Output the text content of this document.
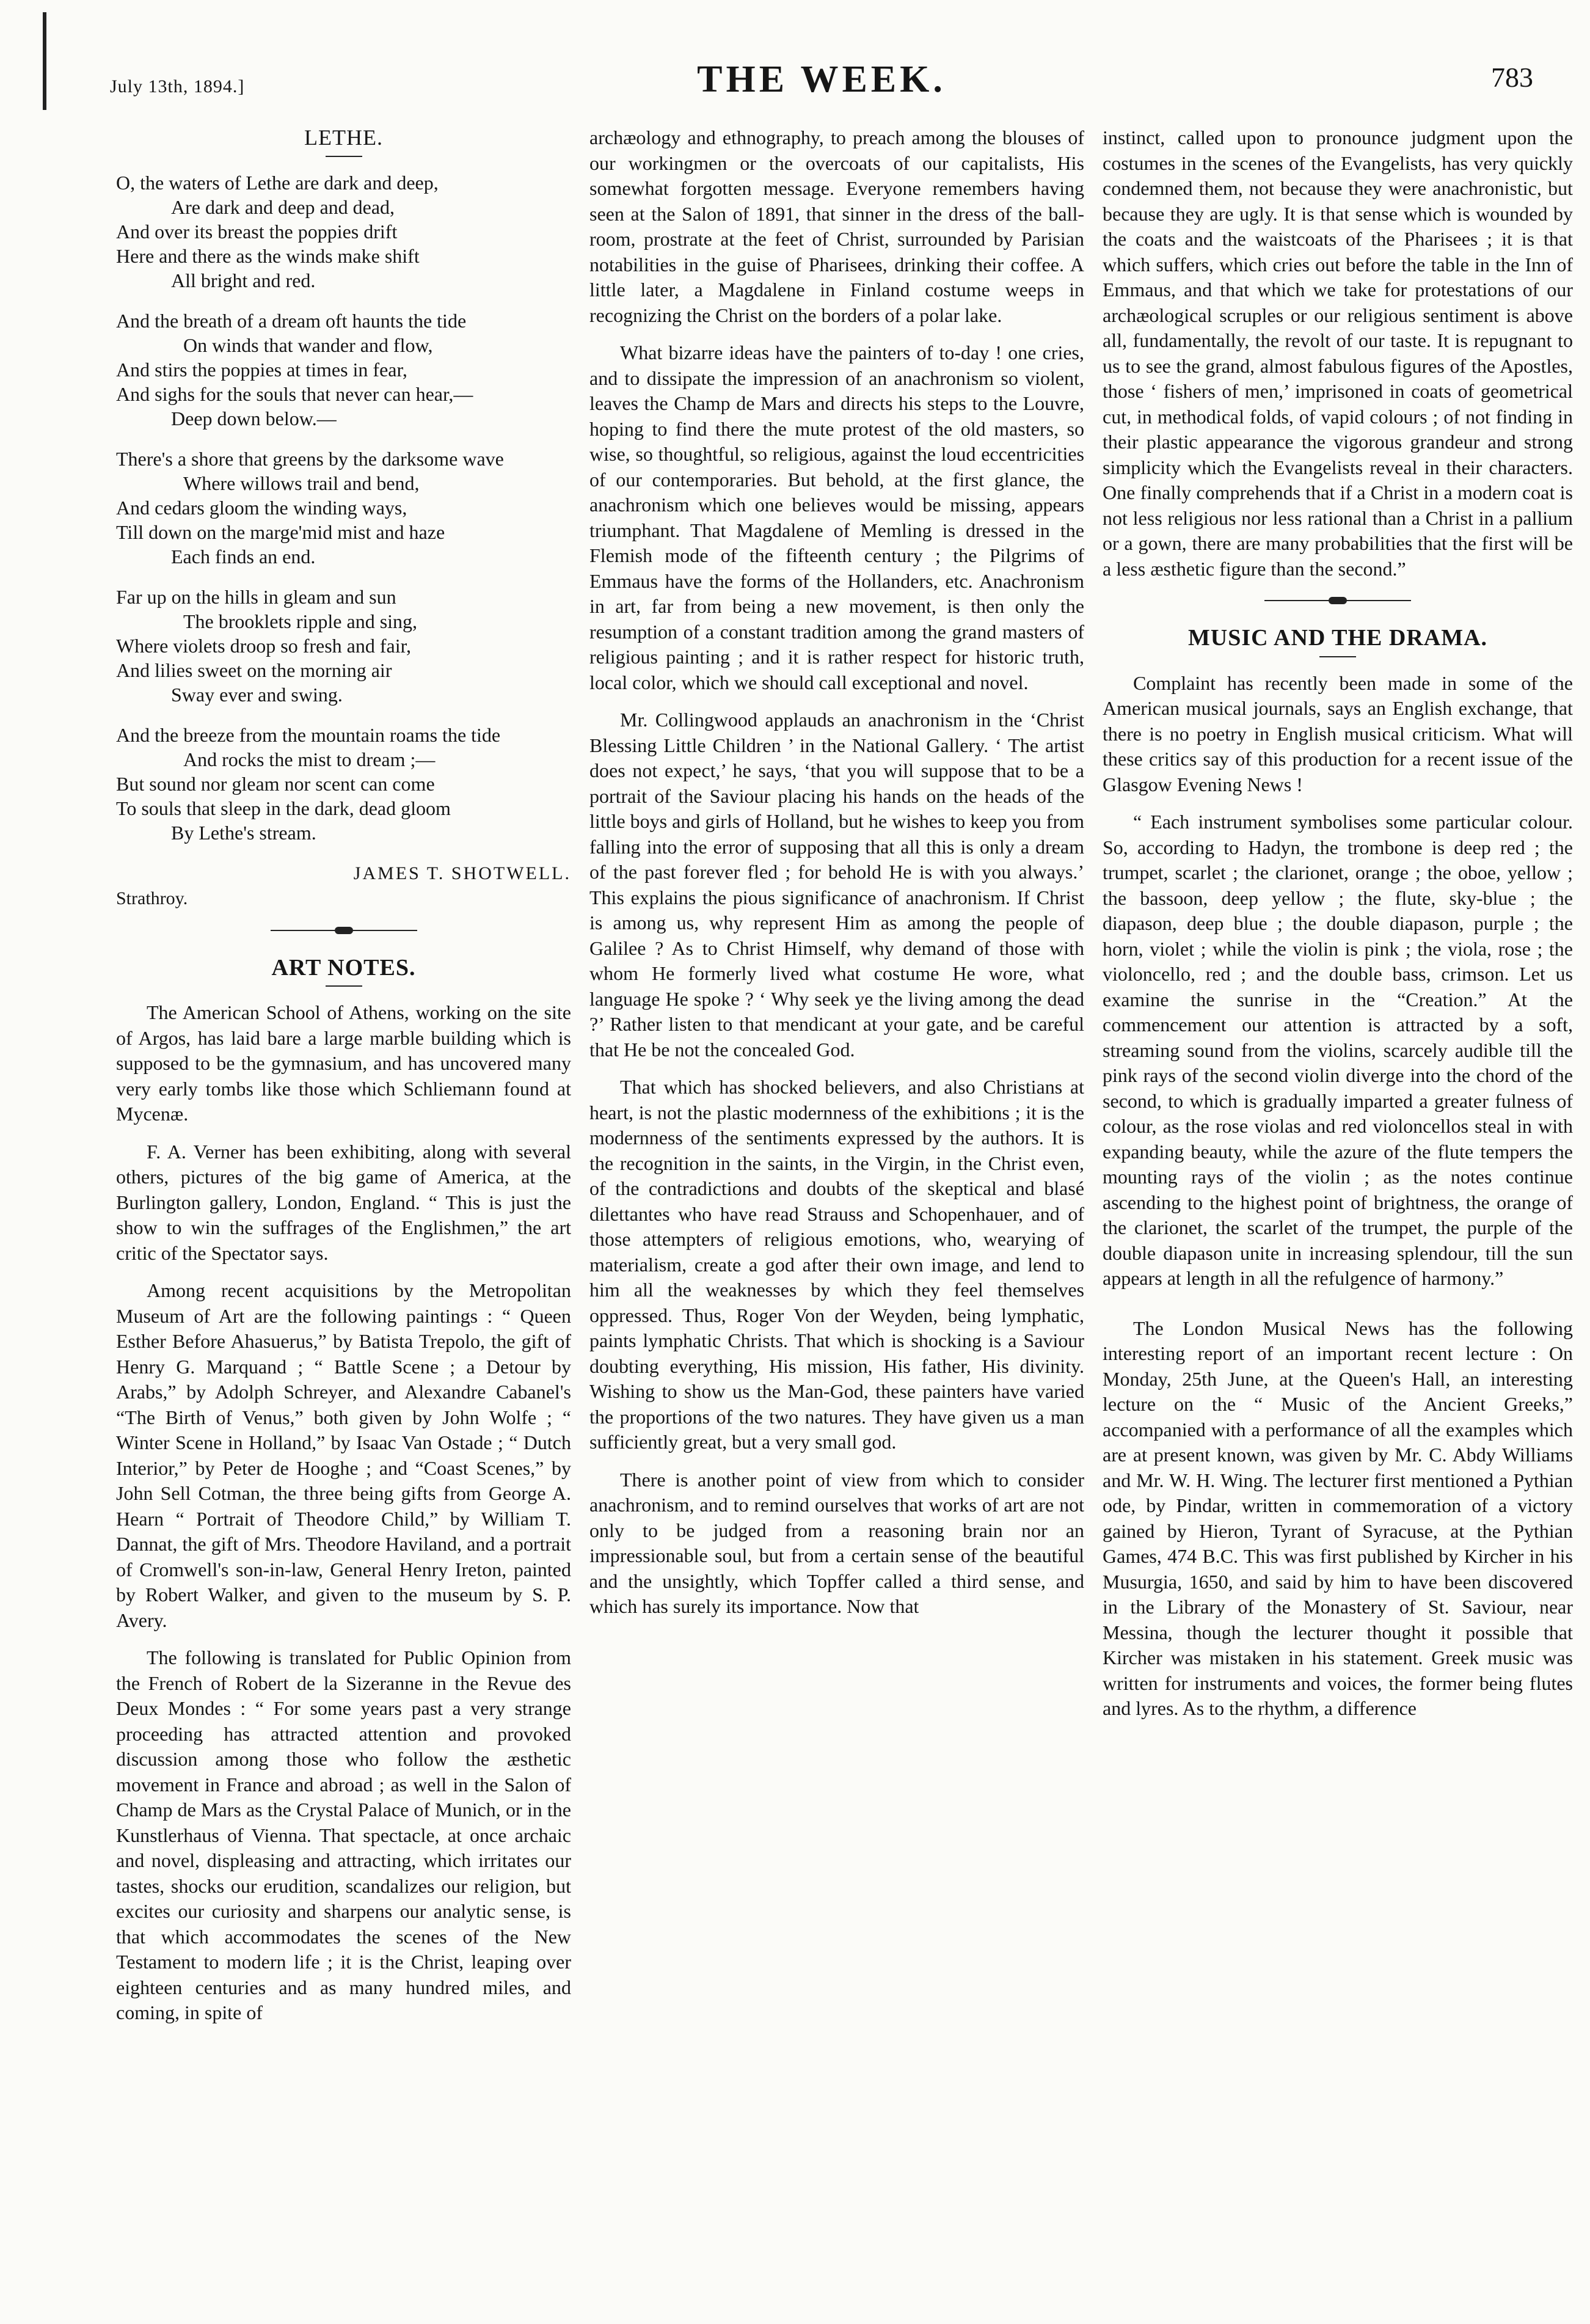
July 13th, 1894.]	THE WEEK.	783
LETHE.
O, the waters of Lethe are dark and deep,
Are dark and deep and dead,
And over its breast the poppies drift
Here and there as the winds make shift
All bright and red.
And the breath of a dream oft haunts the tide
On winds that wander and flow,
And stirs the poppies at times in fear,
And sighs for the souls that never can hear,—
Deep down below.—
There's a shore that greens by the darksome wave
Where willows trail and bend,
And cedars gloom the winding ways,
Till down on the marge'mid mist and haze
Each finds an end.
Far up on the hills in gleam and sun
The brooklets ripple and sing,
Where violets droop so fresh and fair,
And lilies sweet on the morning air
Sway ever and swing.
And the breeze from the mountain roams the tide
And rocks the mist to dream ;—
But sound nor gleam nor scent can come
To souls that sleep in the dark, dead gloom
By Lethe's stream.
JAMES T. SHOTWELL.
Strathroy.
ART NOTES.

The American School of Athens, working on the site of Argos, has laid bare a large marble building which is supposed to be the gymnasium, and has uncovered many very early tombs like those which Schliemann found at Mycenæ.

F. A. Verner has been exhibiting, along with several others, pictures of the big game of America, at the Burlington gallery, London, England. “ This is just the show to win the suffrages of the Englishmen,” the art critic of the Spectator says.

Among recent acquisitions by the Metropolitan Museum of Art are the following paintings : “ Queen Esther Before Ahasuerus,” by Batista Trepolo, the gift of Henry G. Marquand ; “ Battle Scene ; a Detour by Arabs,” by Adolph Schreyer, and Alexandre Cabanel's “The Birth of Venus,” both given by John Wolfe ; “ Winter Scene in Holland,” by Isaac Van Ostade ; “ Dutch Interior,” by Peter de Hooghe ; and “Coast Scenes,” by John Sell Cotman, the three being gifts from George A. Hearn “ Portrait of Theodore Child,” by William T. Dannat, the gift of Mrs. Theodore Haviland, and a portrait of Cromwell's son-in-law, General Henry Ireton, painted by Robert Walker, and given to the museum by S. P. Avery.

The following is translated for Public Opinion from the French of Robert de la Sizeranne in the Revue des Deux Mondes : “ For some years past a very strange proceeding has attracted attention and provoked discussion among those who follow the æsthetic movement in France and abroad ; as well in the Salon of Champ de Mars as the Crystal Palace of Munich, or in the Kunstlerhaus of Vienna. That spectacle, at once archaic and novel, displeasing and attracting, which irritates our tastes, shocks our erudition, scandalizes our religion, but excites our curiosity and sharpens our analytic sense, is that which accommodates the scenes of the New Testament to modern life ; it is the Christ, leaping over eighteen centuries and as many hundred miles, and coming, in spite of

archæology and ethnography, to preach among the blouses of our workingmen or the overcoats of our capitalists, His somewhat forgotten message. Everyone remembers having seen at the Salon of 1891, that sinner in the dress of the ball-room, prostrate at the feet of Christ, surrounded by Parisian notabilities in the guise of Pharisees, drinking their coffee. A little later, a Magdalene in Finland costume weeps in recognizing the Christ on the borders of a polar lake.

What bizarre ideas have the painters of to-day ! one cries, and to dissipate the impression of an anachronism so violent, leaves the Champ de Mars and directs his steps to the Louvre, hoping to find there the mute protest of the old masters, so wise, so thoughtful, so religious, against the loud eccentricities of our contemporaries. But behold, at the first glance, the anachronism which one believes would be missing, appears triumphant. That Magdalene of Memling is dressed in the Flemish mode of the fifteenth century ; the Pilgrims of Emmaus have the forms of the Hollanders, etc. Anachronism in art, far from being a new movement, is then only the resumption of a constant tradition among the grand masters of religious painting ; and it is rather respect for historic truth, local color, which we should call exceptional and novel.

Mr. Collingwood applauds an anachronism in the ‘Christ Blessing Little Children ’ in the National Gallery. ‘ The artist does not expect,’ he says, ‘that you will suppose that to be a portrait of the Saviour placing his hands on the heads of the little boys and girls of Holland, but he wishes to keep you from falling into the error of supposing that all this is only a dream of the past forever fled ; for behold He is with you always.’ This explains the pious significance of anachronism. If Christ is among us, why represent Him as among the people of Galilee ? As to Christ Himself, why demand of those with whom He formerly lived what costume He wore, what language He spoke ? ‘ Why seek ye the living among the dead ?’ Rather listen to that mendicant at your gate, and be careful that He be not the concealed God.

That which has shocked believers, and also Christians at heart, is not the plastic modernness of the exhibitions ; it is the modernness of the sentiments expressed by the authors. It is the recognition in the saints, in the Virgin, in the Christ even, of the contradictions and doubts of the skeptical and blasé dilettantes who have read Strauss and Schopenhauer, and of those attempters of religious emotions, who, wearying of materialism, create a god after their own image, and lend to him all the weaknesses by which they feel themselves oppressed. Thus, Roger Von der Weyden, being lymphatic, paints lymphatic Christs. That which is shocking is a Saviour doubting everything, His mission, His father, His divinity. Wishing to show us the Man-God, these painters have varied the proportions of the two natures. They have given us a man sufficiently great, but a very small god.

There is another point of view from which to consider anachronism, and to remind ourselves that works of art are not only to be judged from a reasoning brain nor an impressionable soul, but from a certain sense of the beautiful and the unsightly, which Topffer called a third sense, and which has surely its importance. Now that

instinct, called upon to pronounce judgment upon the costumes in the scenes of the Evangelists, has very quickly condemned them, not because they were anachronistic, but because they are ugly. It is that sense which is wounded by the coats and the waistcoats of the Pharisees ; it is that which suffers, which cries out before the table in the Inn of Emmaus, and that which we take for protestations of our archæological scruples or our religious sentiment is above all, fundamentally, the revolt of our taste. It is repugnant to us to see the grand, almost fabulous figures of the Apostles, those ‘ fishers of men,’ imprisoned in coats of geometrical cut, in methodical folds, of vapid colours ; of not finding in their plastic appearance the vigorous grandeur and strong simplicity which the Evangelists reveal in their characters. One finally comprehends that if a Christ in a modern coat is not less religious nor less rational than a Christ in a pallium or a gown, there are many probabilities that the first will be a less æsthetic figure than the second.”

MUSIC AND THE DRAMA.

Complaint has recently been made in some of the American musical journals, says an English exchange, that there is no poetry in English musical criticism. What will these critics say of this production for a recent issue of the Glasgow Evening News !

“ Each instrument symbolises some particular colour. So, according to Hadyn, the trombone is deep red ; the trumpet, scarlet ; the clarionet, orange ; the oboe, yellow ; the bassoon, deep yellow ; the flute, sky-blue ; the diapason, deep blue ; the double diapason, purple ; the horn, violet ; while the violin is pink ; the viola, rose ; the violoncello, red ; and the double bass, crimson. Let us examine the sunrise in the “Creation.” At the commencement our attention is attracted by a soft, streaming sound from the violins, scarcely audible till the pink rays of the second violin diverge into the chord of the second, to which is gradually imparted a greater fulness of colour, as the rose violas and red violoncellos steal in with expanding beauty, while the azure of the flute tempers the mounting rays of the violin ; as the notes continue ascending to the highest point of brightness, the orange of the clarionet, the scarlet of the trumpet, the purple of the double diapason unite in increasing splendour, till the sun appears at length in all the refulgence of harmony.”

The London Musical News has the following interesting report of an important recent lecture : On Monday, 25th June, at the Queen's Hall, an interesting lecture on the “ Music of the Ancient Greeks,” accompanied with a performance of all the examples which are at present known, was given by Mr. C. Abdy Williams and Mr. W. H. Wing. The lecturer first mentioned a Pythian ode, by Pindar, written in commemoration of a victory gained by Hieron, Tyrant of Syracuse, at the Pythian Games, 474 B.C. This was first published by Kircher in his Musurgia, 1650, and said by him to have been discovered in the Library of the Monastery of St. Saviour, near Messina, though the lecturer thought it possible that Kircher was mistaken in his statement. Greek music was written for instruments and voices, the former being flutes and lyres. As to the rhythm, a difference
